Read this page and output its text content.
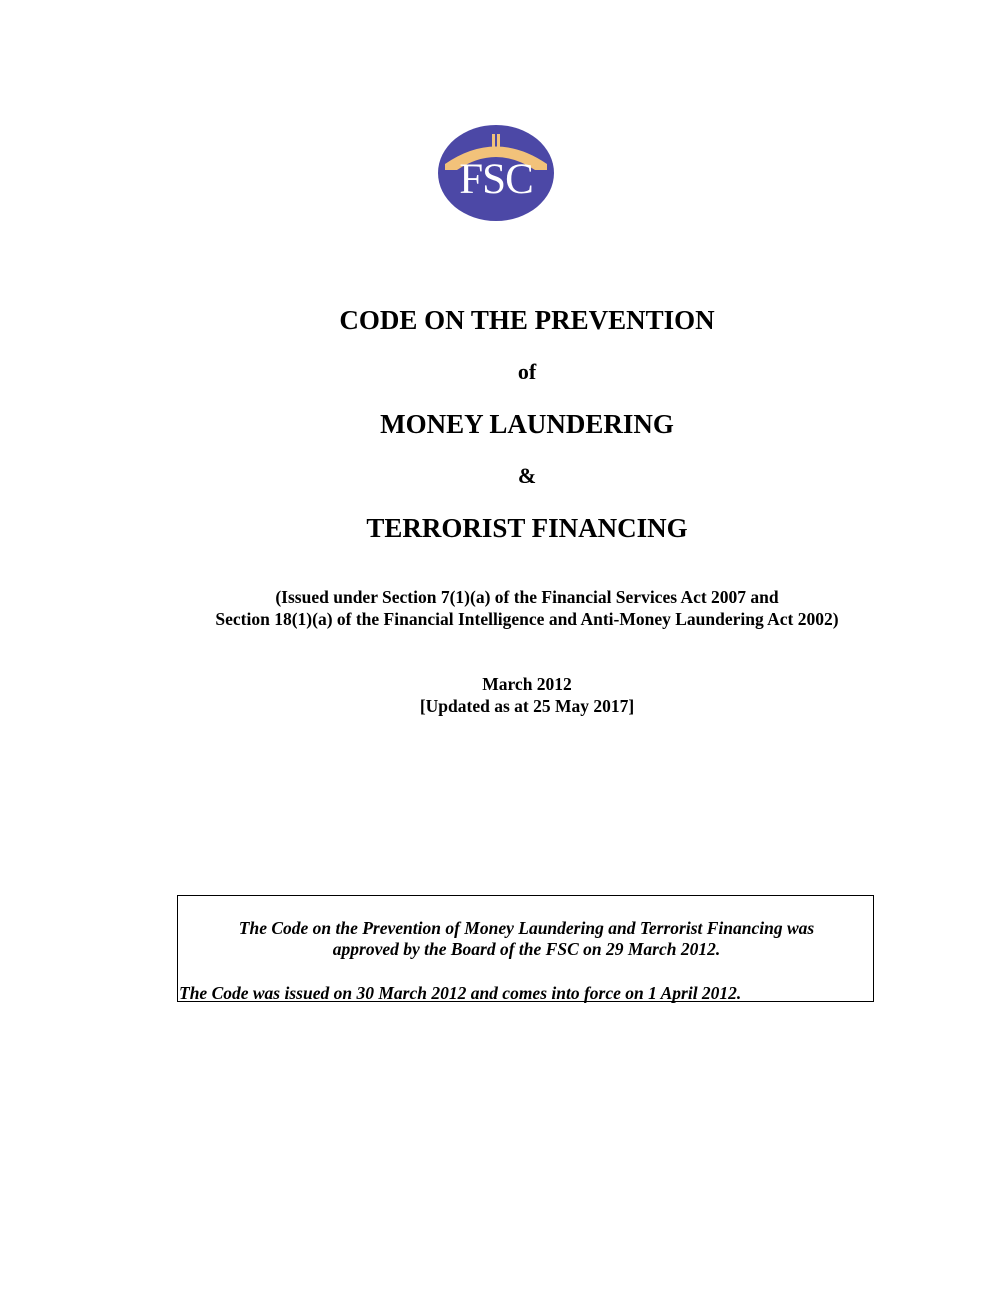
FSC
CODE ON THE PREVENTION
of
MONEY LAUNDERING
&
TERRORIST FINANCING
(Issued under Section 7(1)(a) of the Financial Services Act 2007 and
Section 18(1)(a) of the Financial Intelligence and Anti-Money Laundering Act 2002)
March 2012
[Updated as at 25 May 2017]
The Code on the Prevention of Money Laundering and Terrorist Financing was
approved by the Board of the FSC on 29 March 2012.
The Code was issued on 30 March 2012 and comes into force on 1 April 2012.
